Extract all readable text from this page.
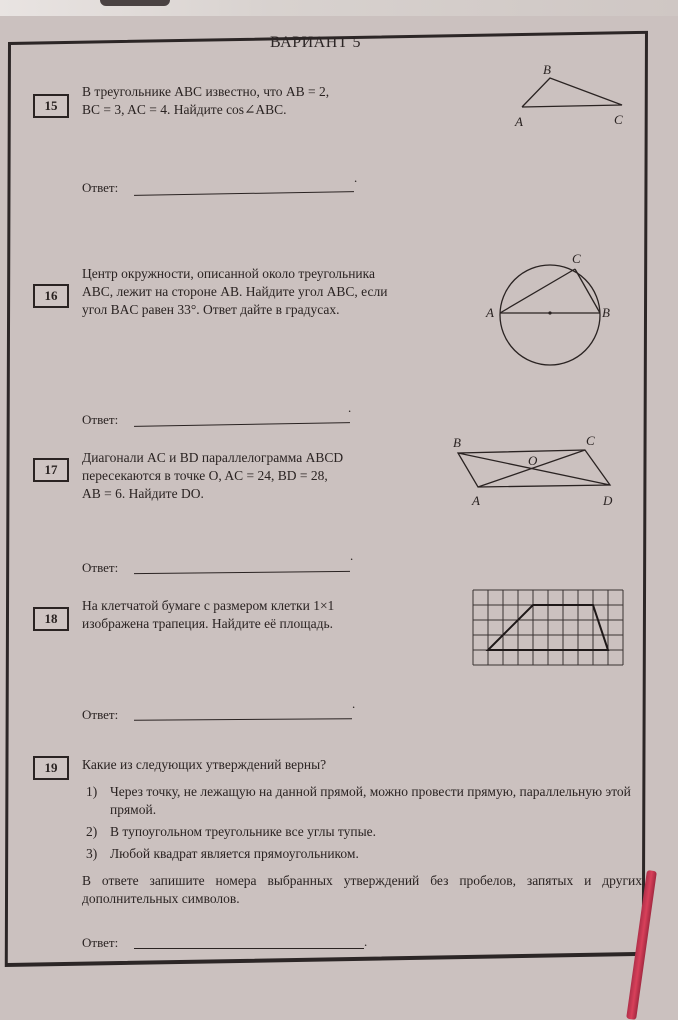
ВАРИАНТ 5
15
В треугольнике ABC известно, что AB = 2,
BC = 3, AC = 4. Найдите cos∠ABC.
B
A	C
Ответ:
.
16
Центр окружности, описанной около треугольника
ABC, лежит на стороне AB. Найдите угол ABC, если
угол BAC равен 33°. Ответ дайте в градусах.
C
A	B
Ответ:
.
17
Диагонали AC и BD параллелограмма ABCD
пересекаются в точке O, AC = 24, BD = 28,
AB = 6. Найдите DO.
B	C
O
A	D
Ответ:
.
18
На клетчатой бумаге с размером клетки 1×1
изображена трапеция. Найдите её площадь.
Ответ:
.
19	Какие из следующих утверждений верны?
1) Через точку, не лежащую на данной прямой, можно провести прямую, параллельную этой прямой.
2) В тупоугольном треугольнике все углы тупые.
3) Любой квадрат является прямоугольником.
В ответе запишите номера выбранных утверждений без пробелов, запятых и других дополнительных символов.
Ответ:	.
